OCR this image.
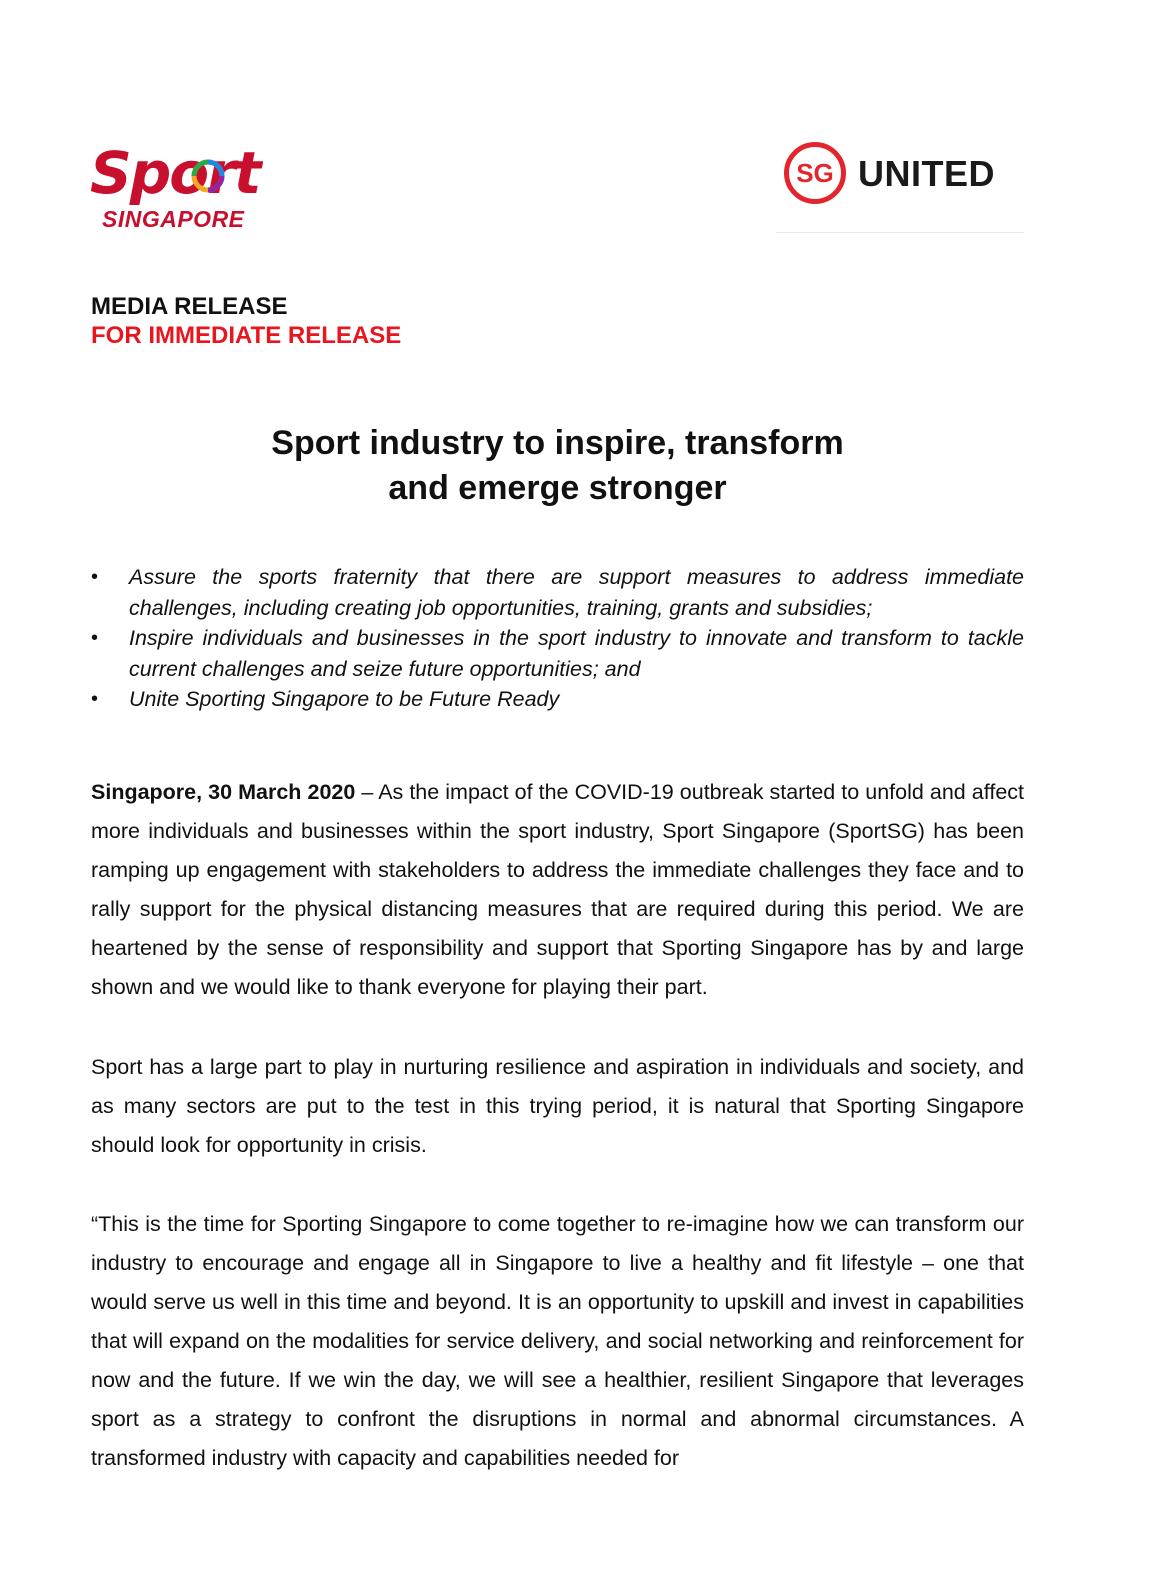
Sport
SINGAPORE
SG UNITED
MEDIA RELEASE
FOR IMMEDIATE RELEASE
Sport industry to inspire, transform
and emerge stronger
• Assure the sports fraternity that there are support measures to address immediate challenges, including creating job opportunities, training, grants and subsidies;
• Inspire individuals and businesses in the sport industry to innovate and transform to tackle current challenges and seize future opportunities; and
• Unite Sporting Singapore to be Future Ready

Singapore, 30 March 2020 – As the impact of the COVID-19 outbreak started to unfold and affect more individuals and businesses within the sport industry, Sport Singapore (SportSG) has been ramping up engagement with stakeholders to address the immediate challenges they face and to rally support for the physical distancing measures that are required during this period. We are heartened by the sense of responsibility and support that Sporting Singapore has by and large shown and we would like to thank everyone for playing their part.

Sport has a large part to play in nurturing resilience and aspiration in individuals and society, and as many sectors are put to the test in this trying period, it is natural that Sporting Singapore should look for opportunity in crisis.

“This is the time for Sporting Singapore to come together to re-imagine how we can transform our industry to encourage and engage all in Singapore to live a healthy and fit lifestyle – one that would serve us well in this time and beyond. It is an opportunity to upskill and invest in capabilities that will expand on the modalities for service delivery, and social networking and reinforcement for now and the future. If we win the day, we will see a healthier, resilient Singapore that leverages sport as a strategy to confront the disruptions in normal and abnormal circumstances. A transformed industry with capacity and capabilities needed for
